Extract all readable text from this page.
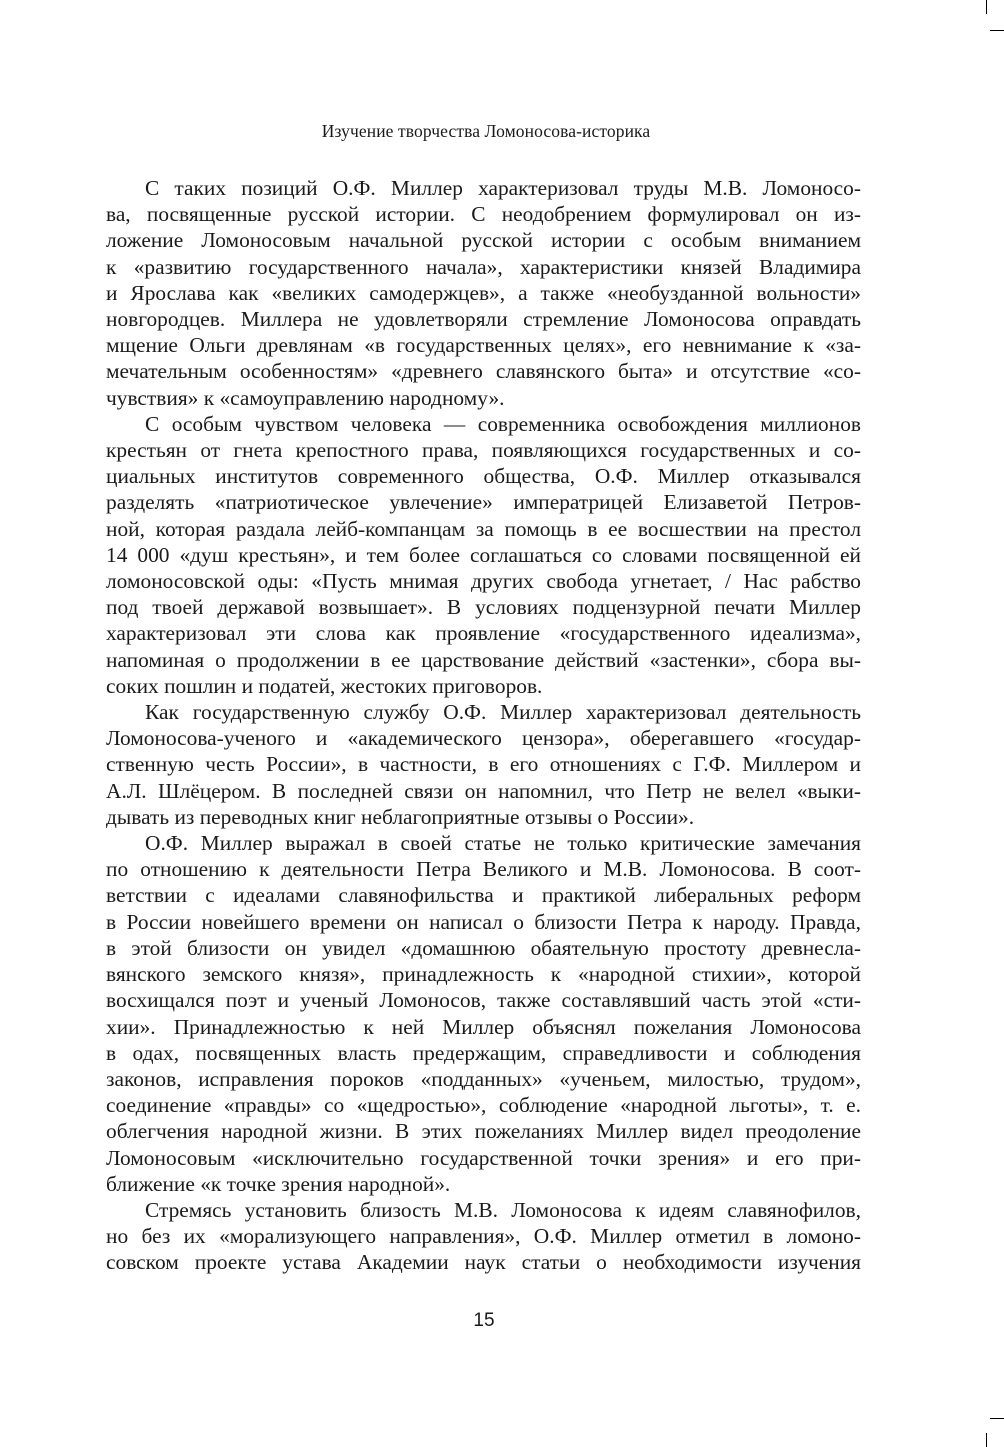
Изучение творчества Ломоносова-историка

С таких позиций О.Ф. Миллер характеризовал труды М.В. Ломоносо-
ва, посвященные русской истории. С неодобрением формулировал он из-
ложение Ломоносовым начальной русской истории с особым вниманием
к «развитию государственного начала», характеристики князей Владимира
и Ярослава как «великих самодержцев», а также «необузданной вольности»
новгородцев. Миллера не удовлетворяли стремление Ломоносова оправдать
мщение Ольги древлянам «в государственных целях», его невнимание к «за-
мечательным особенностям» «древнего славянского быта» и отсутствие «со-
чувствия» к «самоуправлению народному».

С особым чувством человека — современника освобождения миллионов
крестьян от гнета крепостного права, появляющихся государственных и со-
циальных институтов современного общества, О.Ф. Миллер отказывался
разделять «патриотическое увлечение» императрицей Елизаветой Петров-
ной, которая раздала лейб-компанцам за помощь в ее восшествии на престол
14 000 «душ крестьян», и тем более соглашаться со словами посвященной ей
ломоносовской оды: «Пусть мнимая других свобода угнетает, / Нас рабство
под твоей державой возвышает». В условиях подцензурной печати Миллер
характеризовал эти слова как проявление «государственного идеализма»,
напоминая о продолжении в ее царствование действий «застенки», сбора вы-
соких пошлин и податей, жестоких приговоров.

Как государственную службу О.Ф. Миллер характеризовал деятельность
Ломоносова-ученого и «академического цензора», оберегавшего «государ-
ственную честь России», в частности, в его отношениях с Г.Ф. Миллером и
А.Л. Шлёцером. В последней связи он напомнил, что Петр не велел «выки-
дывать из переводных книг неблагоприятные отзывы о России».

О.Ф. Миллер выражал в своей статье не только критические замечания
по отношению к деятельности Петра Великого и М.В. Ломоносова. В соот-
ветствии с идеалами славянофильства и практикой либеральных реформ
в России новейшего времени он написал о близости Петра к народу. Правда,
в этой близости он увидел «домашнюю обаятельную простоту древнесла-
вянского земского князя», принадлежность к «народной стихии», которой
восхищался поэт и ученый Ломоносов, также составлявший часть этой «сти-
хии». Принадлежностью к ней Миллер объяснял пожелания Ломоносова
в одах, посвященных власть предержащим, справедливости и соблюдения
законов, исправления пороков «подданных» «ученьем, милостью, трудом»,
соединение «правды» со «щедростью», соблюдение «народной льготы», т. е.
облегчения народной жизни. В этих пожеланиях Миллер видел преодоление
Ломоносовым «исключительно государственной точки зрения» и его при-
ближение «к точке зрения народной».

Стремясь установить близость М.В. Ломоносова к идеям славянофилов,
но без их «морализующего направления», О.Ф. Миллер отметил в ломоно-
совском проекте устава Академии наук статьи о необходимости изучения

15
